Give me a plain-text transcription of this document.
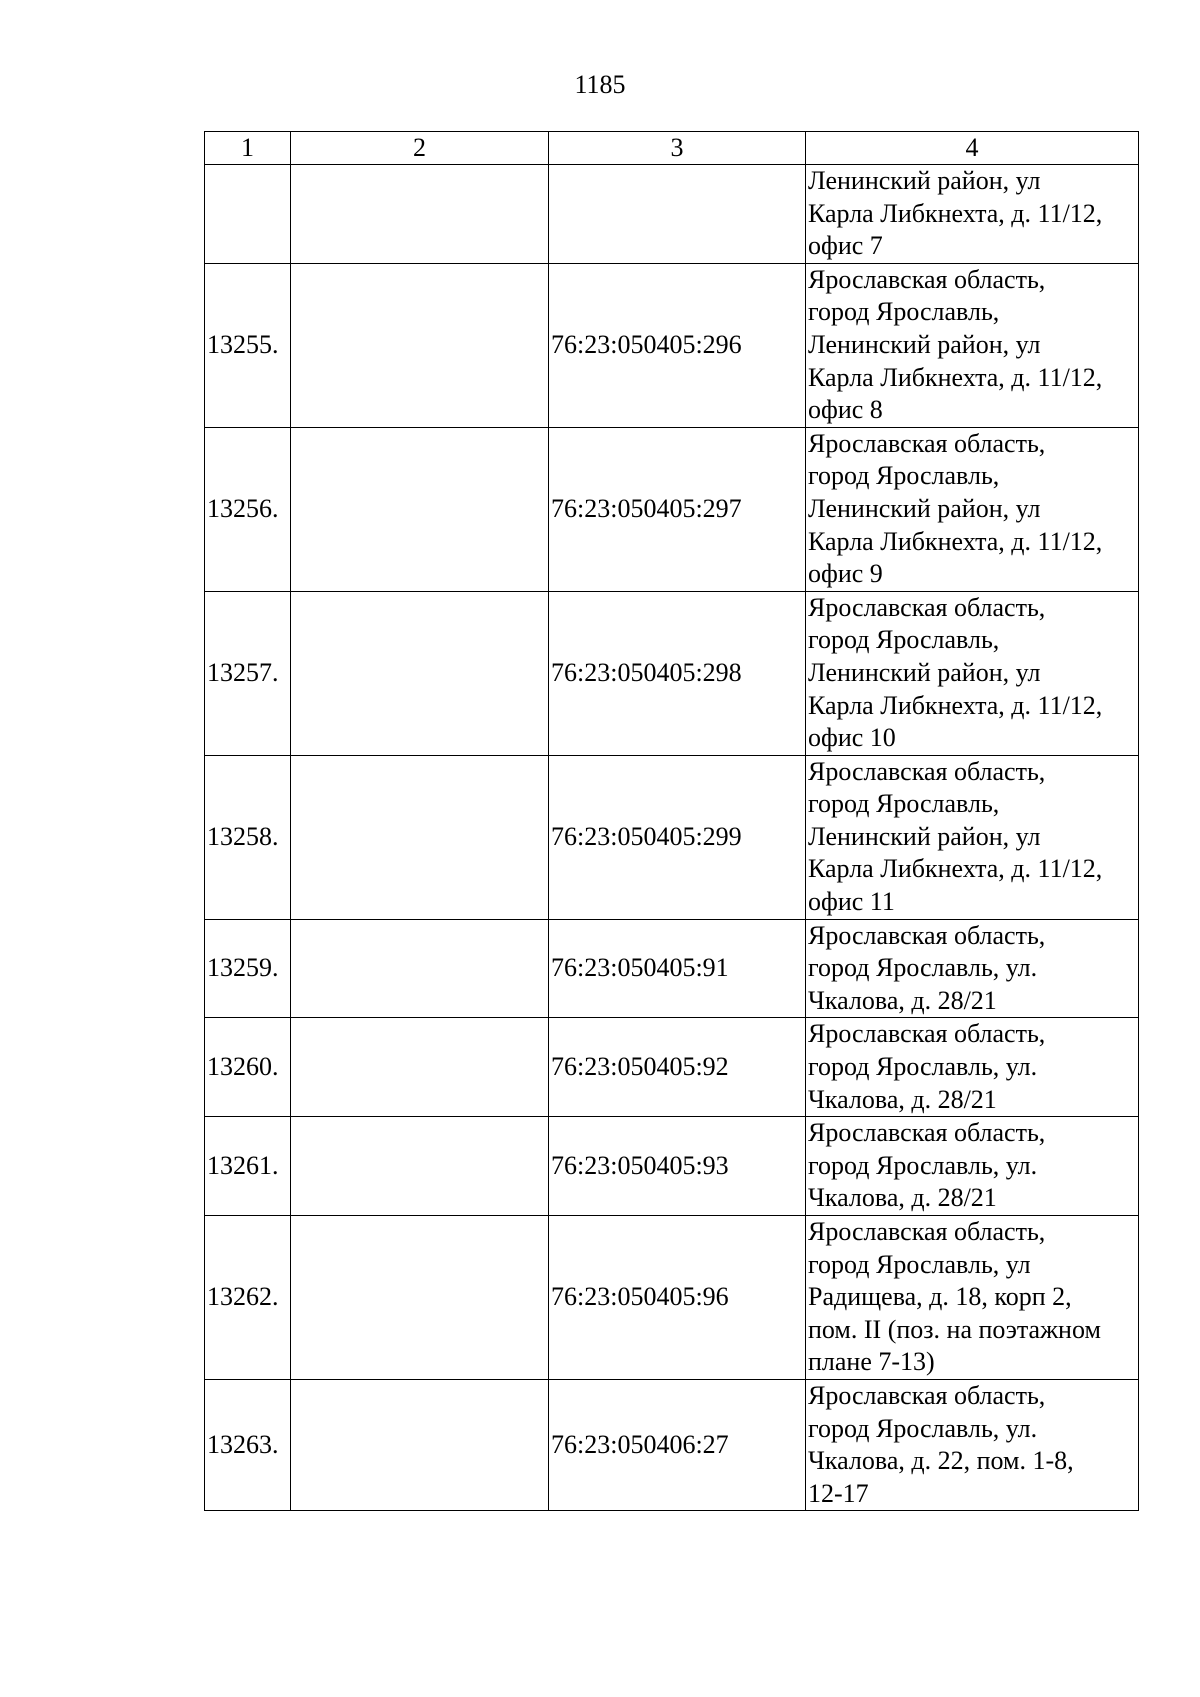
1185
1	2	3	4
			Ленинский район, ул
Карла Либкнехта, д. 11/12,
офис 7
13255.		76:23:050405:296	Ярославская область,
город Ярославль,
Ленинский район, ул
Карла Либкнехта, д. 11/12,
офис 8
13256.		76:23:050405:297	Ярославская область,
город Ярославль,
Ленинский район, ул
Карла Либкнехта, д. 11/12,
офис 9
13257.		76:23:050405:298	Ярославская область,
город Ярославль,
Ленинский район, ул
Карла Либкнехта, д. 11/12,
офис 10
13258.		76:23:050405:299	Ярославская область,
город Ярославль,
Ленинский район, ул
Карла Либкнехта, д. 11/12,
офис 11
13259.		76:23:050405:91	Ярославская область,
город Ярославль, ул.
Чкалова, д. 28/21
13260.		76:23:050405:92	Ярославская область,
город Ярославль, ул.
Чкалова, д. 28/21
13261.		76:23:050405:93	Ярославская область,
город Ярославль, ул.
Чкалова, д. 28/21
13262.		76:23:050405:96	Ярославская область,
город Ярославль, ул
Радищева, д. 18, корп 2,
пом. II (поз. на поэтажном
плане 7-13)
13263.		76:23:050406:27	Ярославская область,
город Ярославль, ул.
Чкалова, д. 22, пом. 1-8,
12-17
